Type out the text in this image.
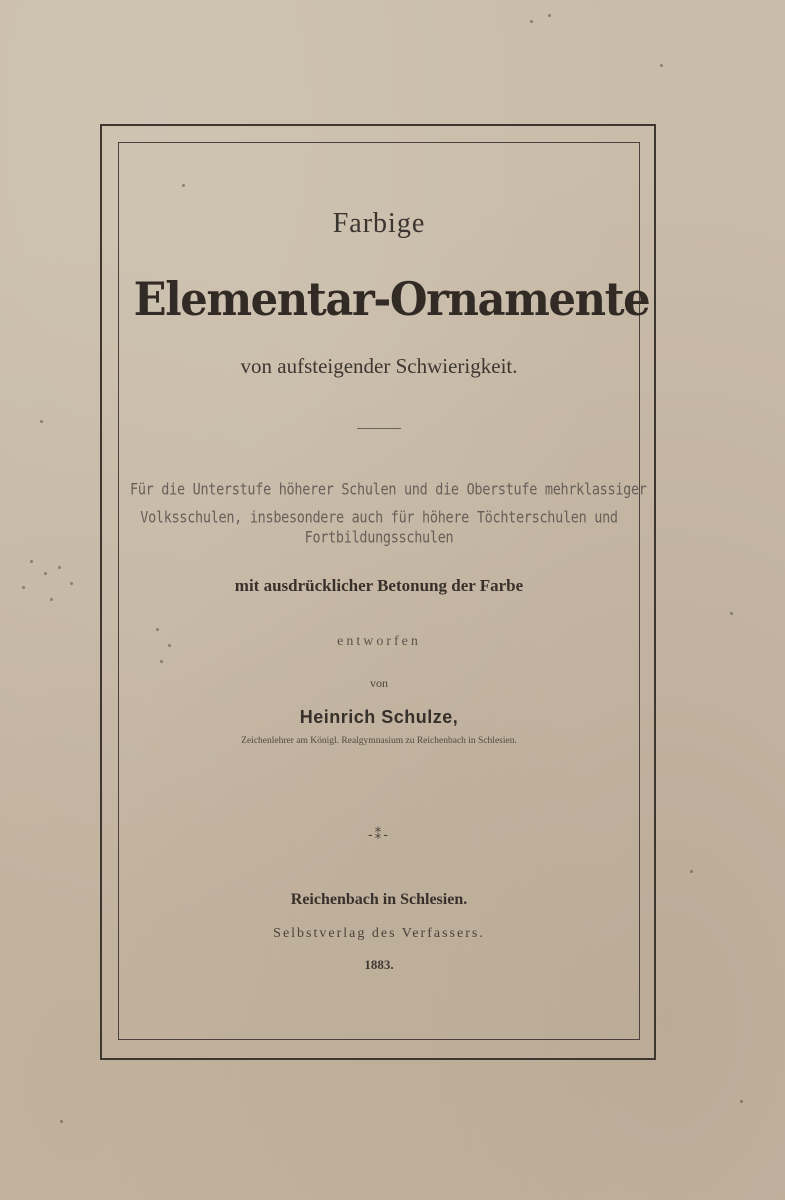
Farbige
Elementar-Ornamente
von aufsteigender Schwierigkeit.
Für die Unterstufe höherer Schulen und die Oberstufe mehrklassiger
Volksschulen, insbesondere auch für höhere Töchterschulen und
Fortbildungsschulen
mit ausdrücklicher Betonung der Farbe
entworfen
von
Heinrich Schulze,
Zeichenlehrer am Königl. Realgymnasium zu Reichenbach in Schlesien.
-⁑-
Reichenbach in Schlesien.
Selbstverlag des Verfassers.
1883.
